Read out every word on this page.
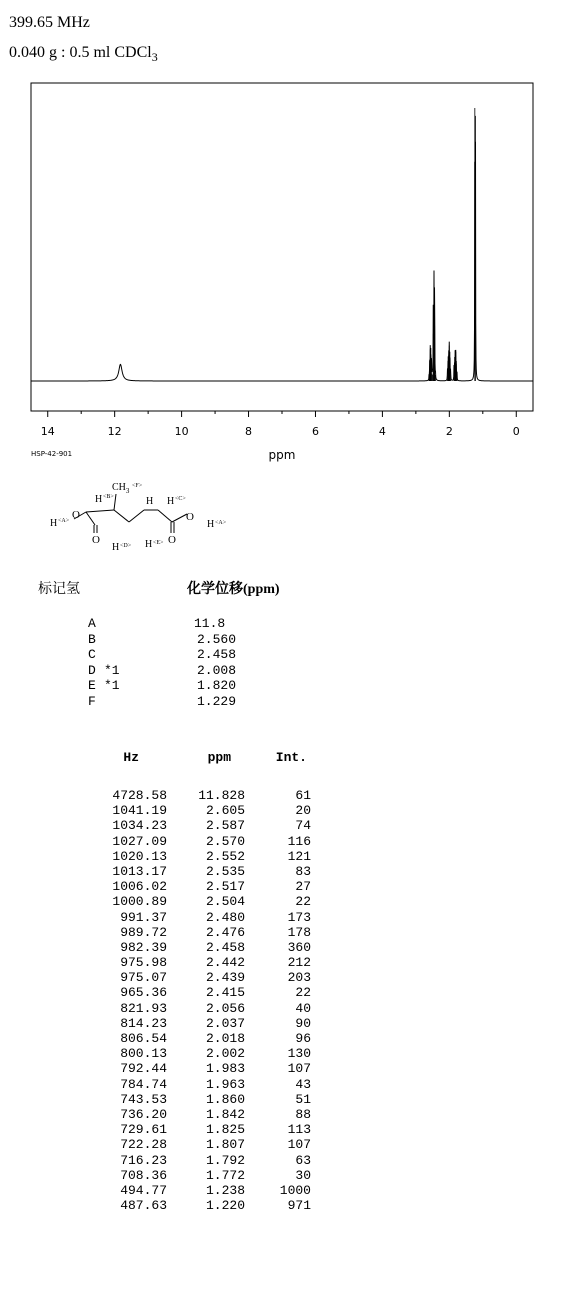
399.65 MHz
0.040 g : 0.5 ml CDCl$_3$
14	12	10	8	6	4	2	0
ppm
HSP-42-901
H <A> O
O
H <B>
$CH_3$
<F>
H H <C>
H <D> H <E> O
O
H <A>
标记氢	化学位移(ppm)
A	11.8
B	2.560
C	2.458
D *1	2.008
E *1	1.820
F	1.229
Hz	ppm	Int.
4728.58 11.828	61
1041.19	2.605	20
1034.23	2.587	74
1027.09	2.570	116
1020.13	2.552	121
1013.17	2.535	83
1006.02	2.517	27
1000.89	2.504	22
991.37	2.480	173
989.72	2.476	178
982.39	2.458	360
975.98	2.442	212
975.07	2.439	203
965.36	2.415	22
821.93	2.056	40
814.23	2.037	90
806.54	2.018	96
800.13	2.002	130
792.44	1.983	107
784.74	1.963	43
743.53	1.860	51
736.20	1.842	88
729.61	1.825	113
722.28	1.807	107
716.23	1.792	63
708.36	1.772	30
494.77	1.238	1000
487.63	1.220	971
